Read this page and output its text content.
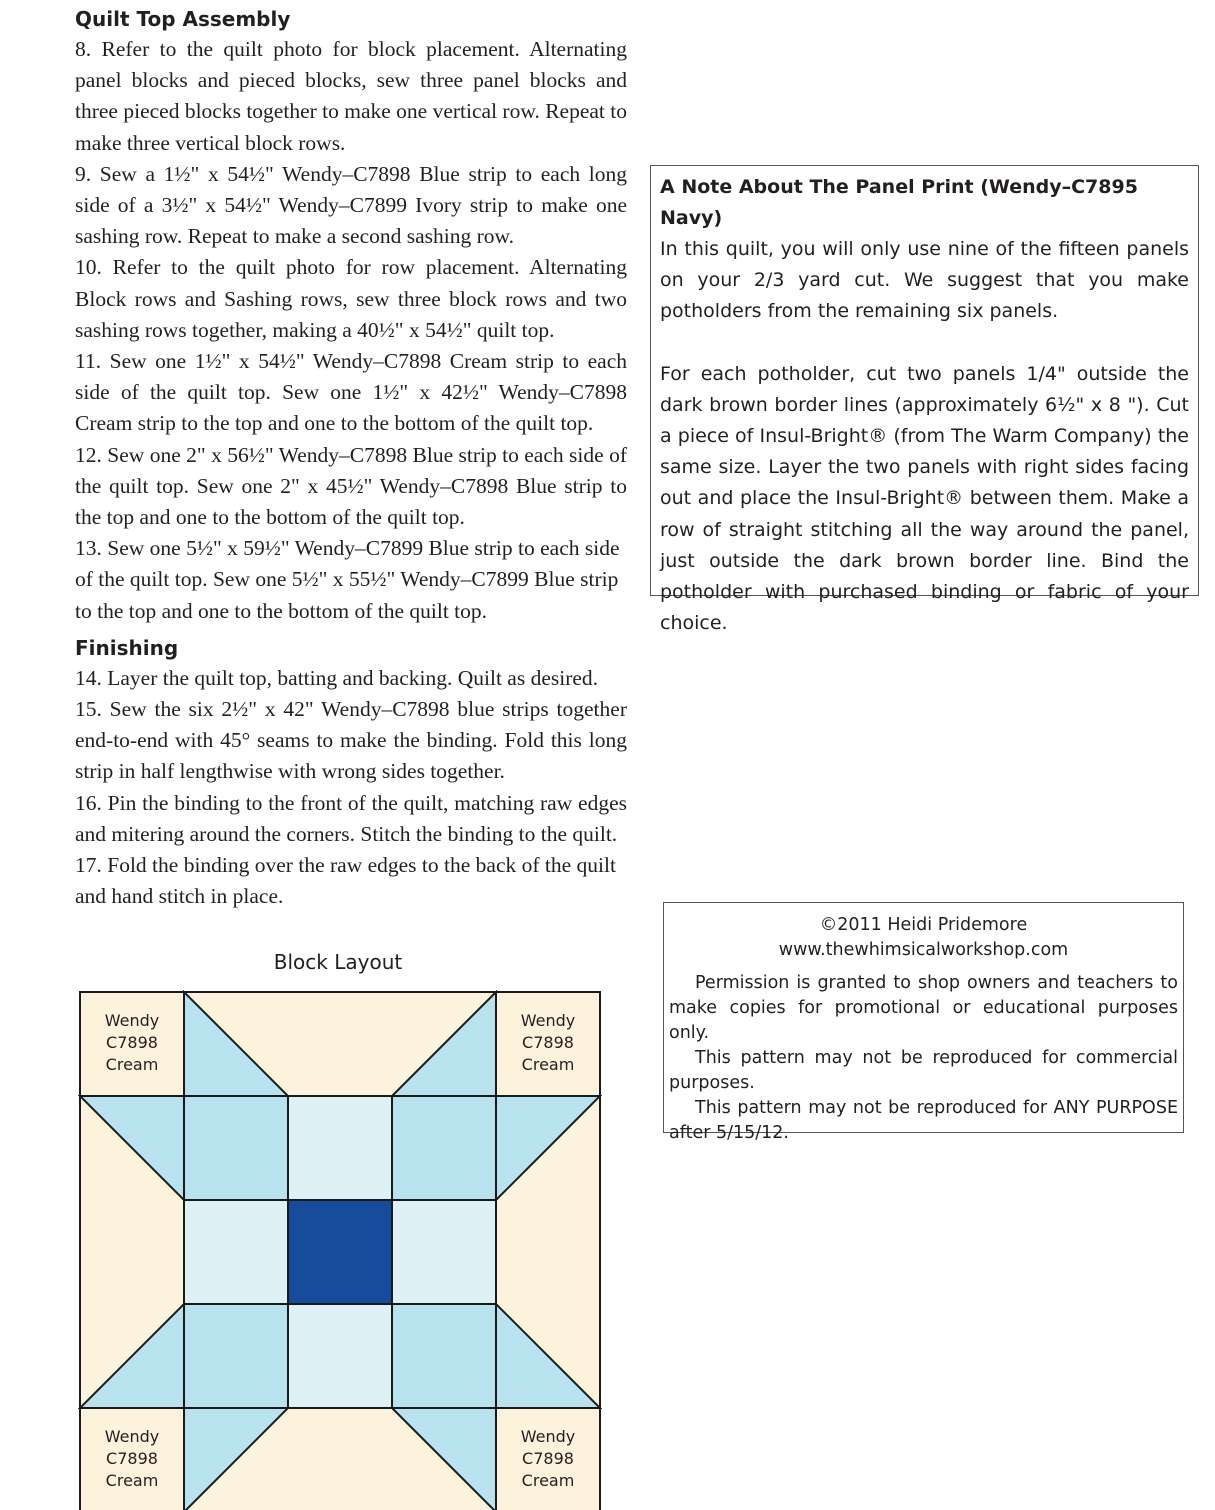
Quilt Top Assembly

8. Refer to the quilt photo for block placement. Alternating panel blocks and pieced blocks, sew three panel blocks and three pieced blocks together to make one vertical row. Repeat to make three vertical block rows.

9. Sew a 1½" x 54½" Wendy–C7898 Blue strip to each long side of a 3½" x 54½" Wendy–C7899 Ivory strip to make one sashing row. Repeat to make a second sashing row.

10. Refer to the quilt photo for row placement. Alternating Block rows and Sashing rows, sew three block rows and two sashing rows together, making a 40½" x 54½" quilt top.

11. Sew one 1½" x 54½" Wendy–C7898 Cream strip to each side of the quilt top. Sew one 1½" x 42½" Wendy–C7898 Cream strip to the top and one to the bottom of the quilt top.

12. Sew one 2" x 56½" Wendy–C7898 Blue strip to each side of the quilt top. Sew one 2" x 45½" Wendy–C7898 Blue strip to the top and one to the bottom of the quilt top.

13. Sew one 5½" x 59½" Wendy–C7899 Blue strip to each side of the quilt top. Sew one 5½" x 55½" Wendy–C7899 Blue strip to the top and one to the bottom of the quilt top.

Finishing

14. Layer the quilt top, batting and backing. Quilt as desired.

15. Sew the six 2½" x 42" Wendy–C7898 blue strips together end-to-end with 45° seams to make the binding. Fold this long strip in half lengthwise with wrong sides together.

16. Pin the binding to the front of the quilt, matching raw edges and mitering around the corners. Stitch the binding to the quilt.

17. Fold the binding over the raw edges to the back of the quilt and hand stitch in place.

A Note About The Panel Print (Wendy–C7895 Navy)

In this quilt, you will only use nine of the fifteen panels on your 2/3 yard cut. We suggest that you make potholders from the remaining six panels.

For each potholder, cut two panels 1/4" outside the dark brown border lines (approximately 6½" x 8 "). Cut a piece of Insul-Bright® (from The Warm Company) the same size. Layer the two panels with right sides facing out and place the Insul-Bright® between them. Make a row of straight stitching all the way around the panel, just outside the dark brown border line. Bind the potholder with purchased binding or fabric of your choice.

©2011 Heidi Pridemore

www.thewhimsicalworkshop.com

Permission is granted to shop owners and teachers to make copies for promotional or educational purposes only.

This pattern may not be reproduced for commercial purposes.

This pattern may not be reproduced for ANY PURPOSE after 5/15/12.

Block Layout
Wendy C7898 Cream
Wendy C7898 Cream
Wendy C7898 Cream
Wendy C7898 Cream
